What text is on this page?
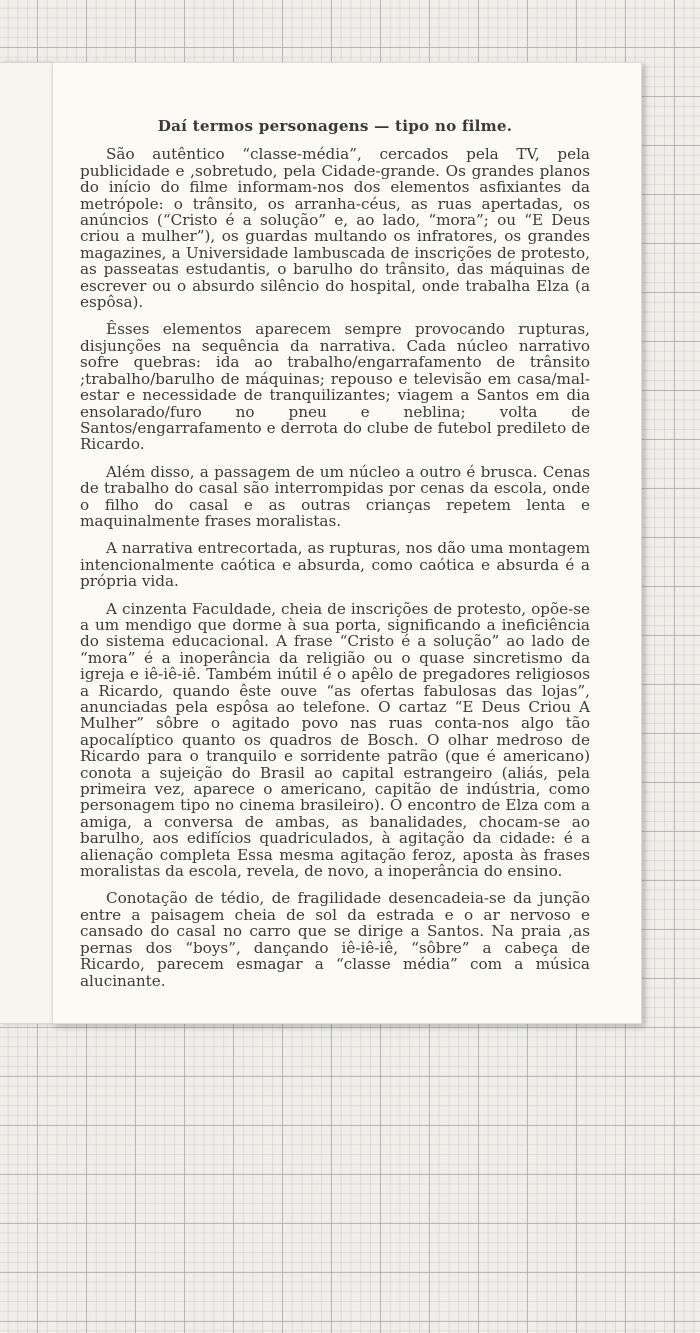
Daí termos personagens — tipo no filme.

São autêntico “classe-média”, cercados pela TV, pela publicidade e ,sobretudo, pela Cidade-grande. Os grandes planos do início do filme informam-nos dos elementos asfixiantes da metrópole: o trânsito, os arranha-céus, as ruas apertadas, os anúncios (“Cristo é a solução” e, ao lado, “mora”; ou “E Deus criou a mulher”), os guardas multando os infratores, os grandes magazines, a Universidade lambuscada de inscrições de protesto, as passeatas estudantis, o barulho do trânsito, das máquinas de escrever ou o absurdo silêncio do hospital, onde trabalha Elza (a espôsa).

Êsses elementos aparecem sempre provocando rupturas, disjunções na sequência da narrativa. Cada núcleo narrativo sofre quebras: ida ao trabalho/engarrafamento de trânsito ;trabalho/barulho de máquinas; repouso e televisão em casa/mal-estar e necessidade de tranquilizantes; viagem a Santos em dia ensolarado/furo no pneu e neblina; volta de Santos/engarrafamento e derrota do clube de futebol predileto de Ricardo.

Além disso, a passagem de um núcleo a outro é brusca. Cenas de trabalho do casal são interrompidas por cenas da escola, onde o filho do casal e as outras crianças repetem lenta e maquinalmente frases moralistas.

A narrativa entrecortada, as rupturas, nos dão uma montagem intencionalmente caótica e absurda, como caótica e absurda é a própria vida.

A cinzenta Faculdade, cheia de inscrições de protesto, opõe-se a um mendigo que dorme à sua porta, significando a ineficiência do sistema educacional. A frase “Cristo é a solução” ao lado de “mora” é a inoperância da religião ou o quase sincretismo da igreja e iê-iê-iê. Também inútil é o apêlo de pregadores religiosos a Ricardo, quando êste ouve “as ofertas fabulosas das lojas”, anunciadas pela espôsa ao telefone. O cartaz “E Deus Criou A Mulher” sôbre o agitado povo nas ruas conta-nos algo tão apocalíptico quanto os quadros de Bosch. O olhar medroso de Ricardo para o tranquilo e sorridente patrão (que é americano) conota a sujeição do Brasil ao capital estrangeiro (aliás, pela primeira vez, aparece o americano, capitão de indústria, como personagem tipo no cinema brasileiro). O encontro de Elza com a amiga, a conversa de ambas, as banalidades, chocam-se ao barulho, aos edifícios quadriculados, à agitação da cidade: é a alienação completa Essa mesma agitação feroz, aposta às frases moralistas da escola, revela, de novo, a inoperância do ensino.

Conotação de tédio, de fragilidade desencadeia-se da junção entre a paisagem cheia de sol da estrada e o ar nervoso e cansado do casal no carro que se dirige a Santos. Na praia ,as pernas dos “boys”, dançando iê-iê-iê, “sôbre” a cabeça de Ricardo, parecem esmagar a “classe média” com a música alucinante.
